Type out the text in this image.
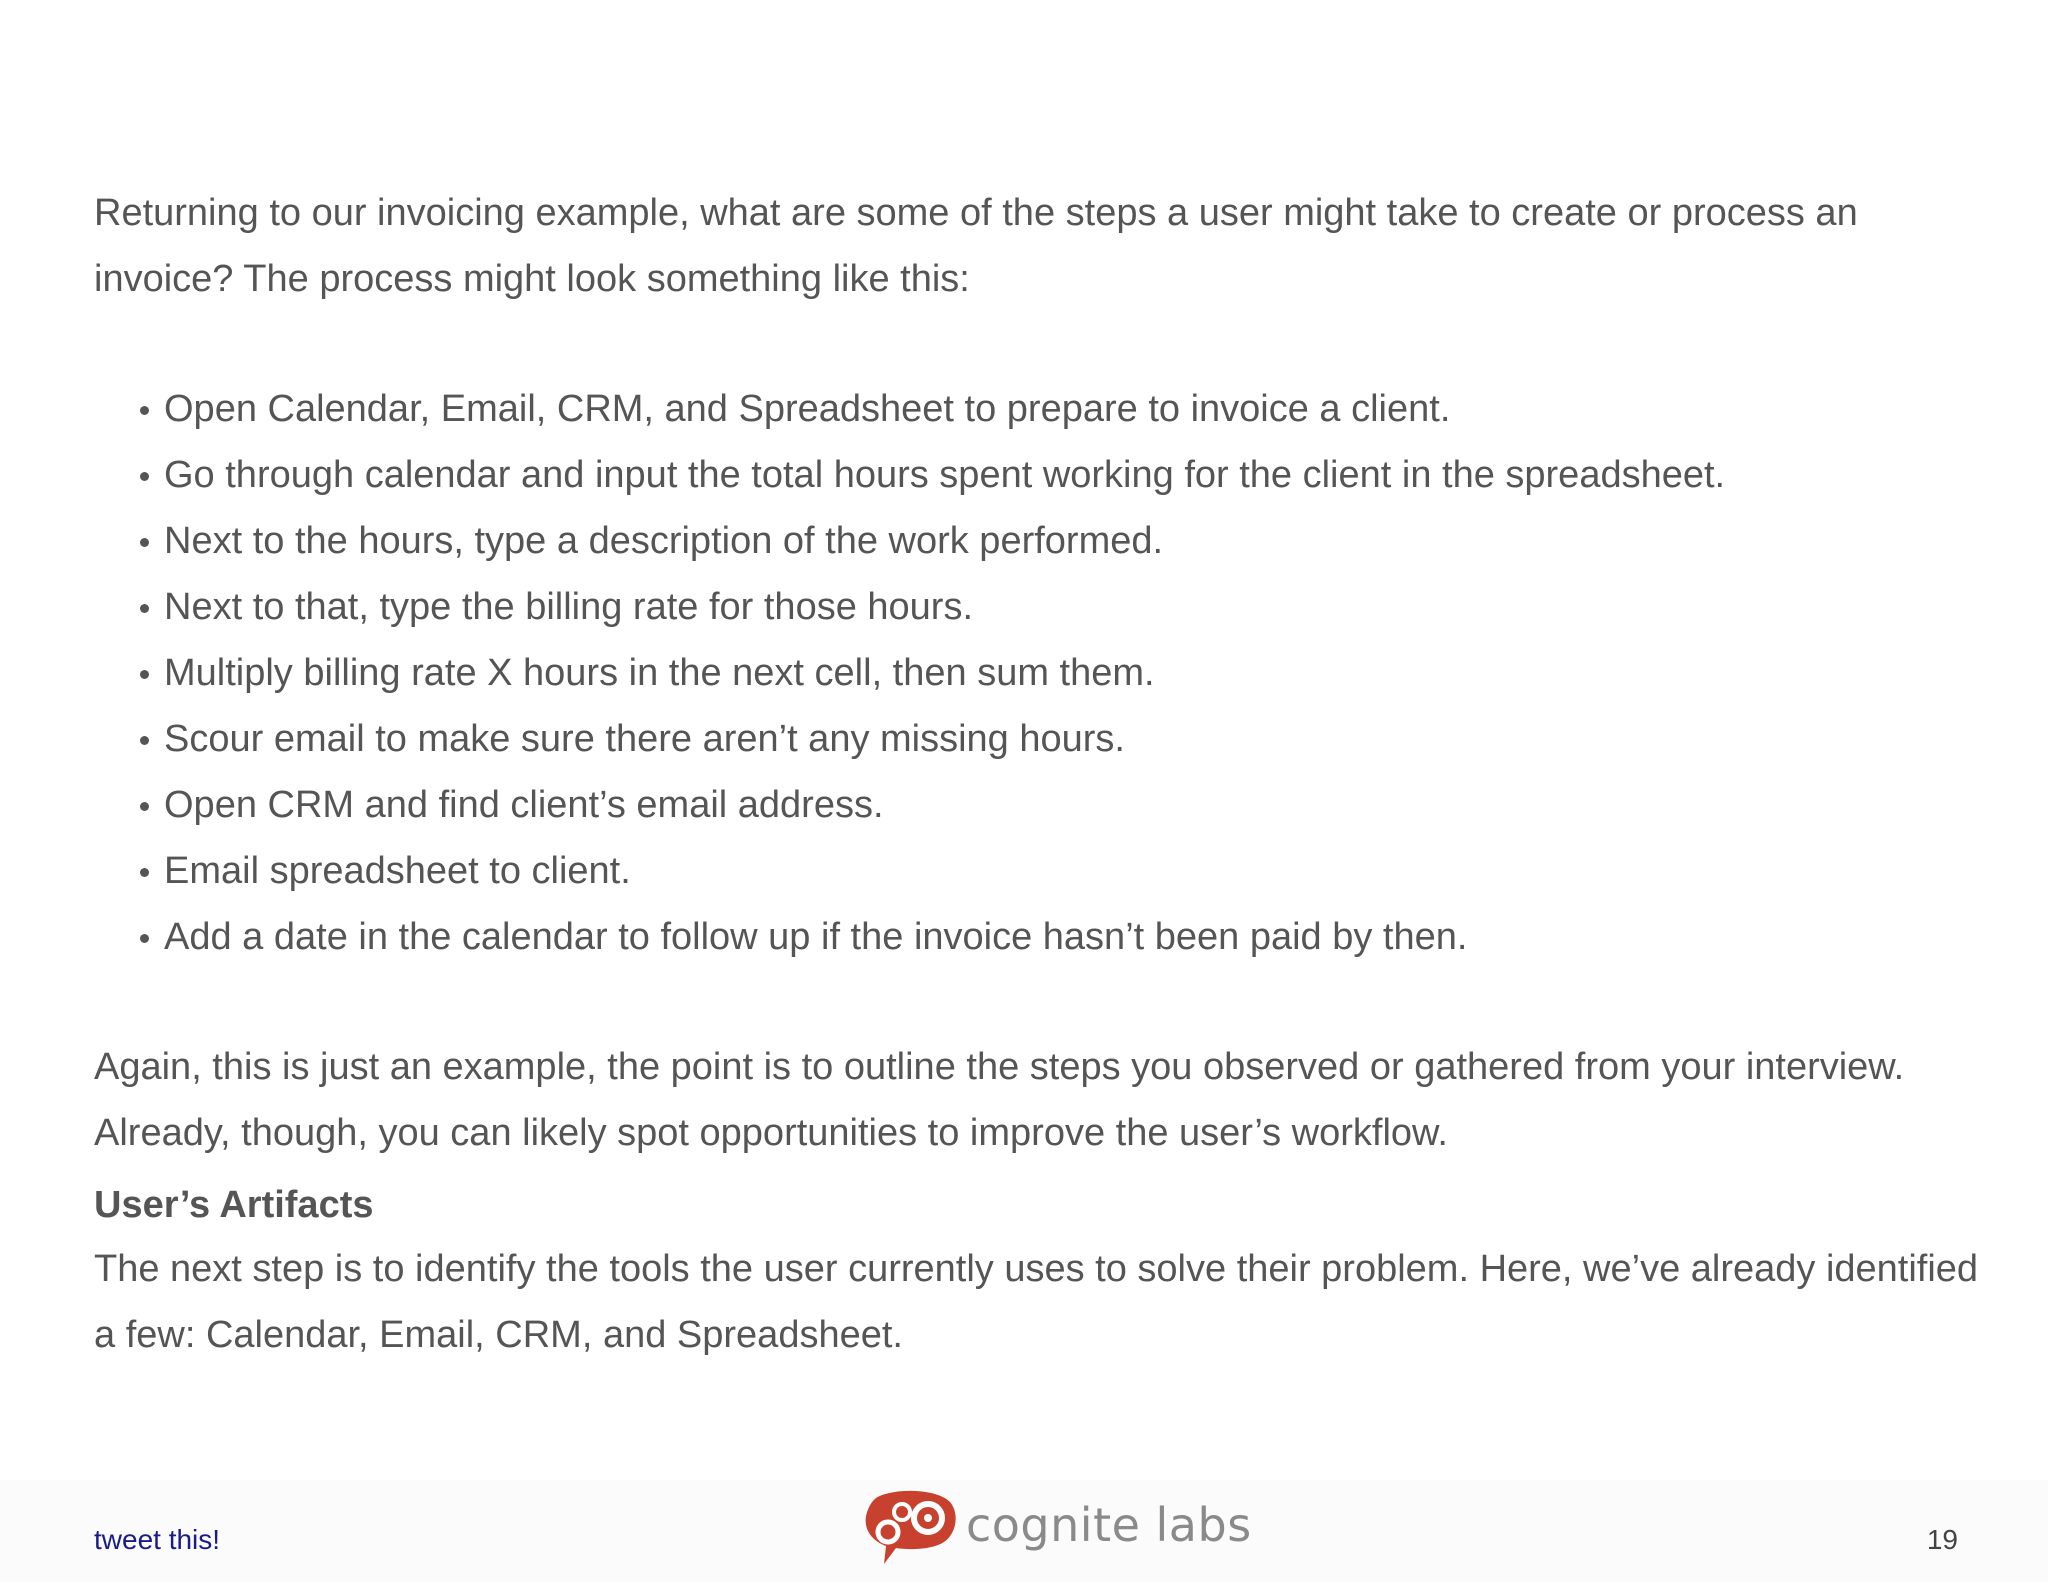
Returning to our invoicing example, what are some of the steps a user might take to create or process an invoice? The process might look something like this:

Open Calendar, Email, CRM, and Spreadsheet to prepare to invoice a client.
Go through calendar and input the total hours spent working for the client in the spreadsheet.
Next to the hours, type a description of the work performed.
Next to that, type the billing rate for those hours.
Multiply billing rate X hours in the next cell, then sum them.
Scour email to make sure there aren’t any missing hours.
Open CRM and find client’s email address.
Email spreadsheet to client.
Add a date in the calendar to follow up if the invoice hasn’t been paid by then.

Again, this is just an example, the point is to outline the steps you observed or gathered from your interview. Already, though, you can likely spot opportunities to improve the user’s workflow.

User’s Artifacts

The next step is to identify the tools the user currently uses to solve their problem. Here, we’ve already identified a few: Calendar, Email, CRM, and Spreadsheet.

tweet this!	cognite labs	19
